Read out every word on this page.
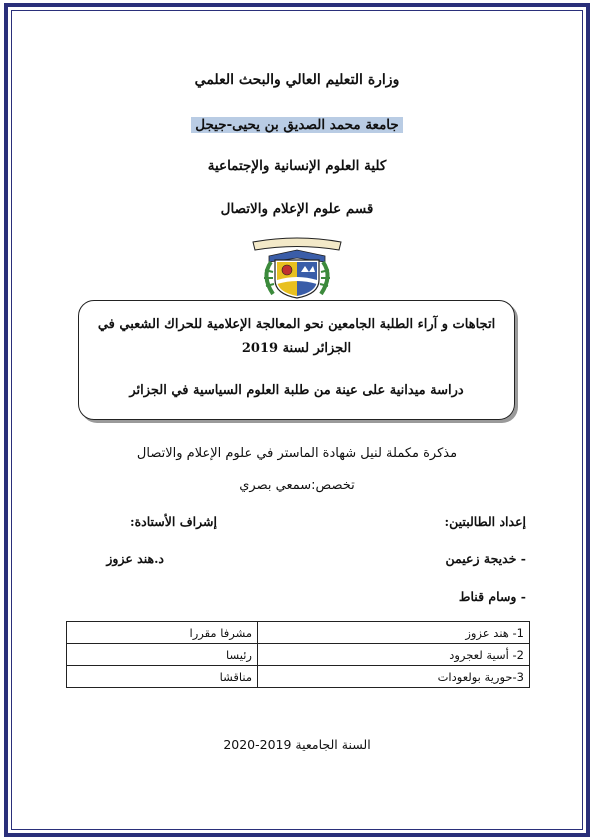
وزارة التعليم العالي والبحث العلمي
جامعة محمد الصديق بن يحيى-جيجل
كلية العلوم الإنسانية والإجتماعية
قسم علوم الإعلام والاتصال
اتجاهات و آراء الطلبة الجامعين نحو المعالجة الإعلامية للحراك الشعبي في الجزائر لسنة 2019
دراسة ميدانية على عينة من طلبة العلوم السياسية في الجزائر
مذكرة مكملة لنيل شهادة الماستر في علوم الإعلام والاتصال
تخصص:سمعي بصري
إعداد الطالبتين:
إشراف الأستادة:
- خديجة زعيمن
د.هند عزوز
- وسام قناط
1- هند عزوز	مشرفا مقررا
2- أسية لعجرود	رئيسا
3-حورية بولعودات	مناقشا
السنة الجامعية 2019-2020
